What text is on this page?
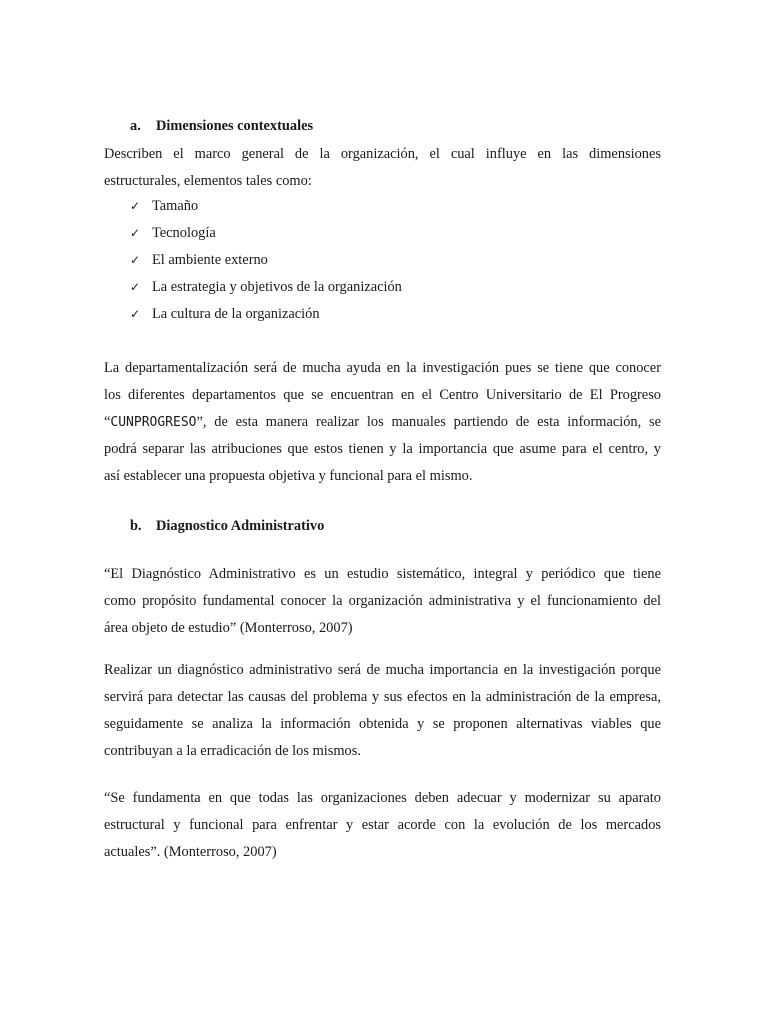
a. Dimensiones contextuales
Describen el marco general de la organización, el cual influye en las dimensiones
estructurales, elementos tales como:
✓ Tamaño
✓ Tecnología
✓ El ambiente externo
✓ La estrategia y objetivos de la organización
✓ La cultura de la organización
La departamentalización será de mucha ayuda en la investigación pues se tiene que conocer
los diferentes departamentos que se encuentran en el Centro Universitario de El Progreso
“CUNPROGRESO”, de esta manera realizar los manuales partiendo de esta información, se
podrá separar las atribuciones que estos tienen y la importancia que asume para el centro, y
así establecer una propuesta objetiva y funcional para el mismo.
b. Diagnostico Administrativo
“El Diagnóstico Administrativo es un estudio sistemático, integral y periódico que tiene
como propósito fundamental conocer la organización administrativa y el funcionamiento del
área objeto de estudio” (Monterroso, 2007)
Realizar un diagnóstico administrativo será de mucha importancia en la investigación porque
servirá para detectar las causas del problema y sus efectos en la administración de la empresa,
seguidamente se analiza la información obtenida y se proponen alternativas viables que
contribuyan a la erradicación de los mismos.
“Se fundamenta en que todas las organizaciones deben adecuar y modernizar su aparato
estructural y funcional para enfrentar y estar acorde con la evolución de los mercados
actuales”. (Monterroso, 2007)
